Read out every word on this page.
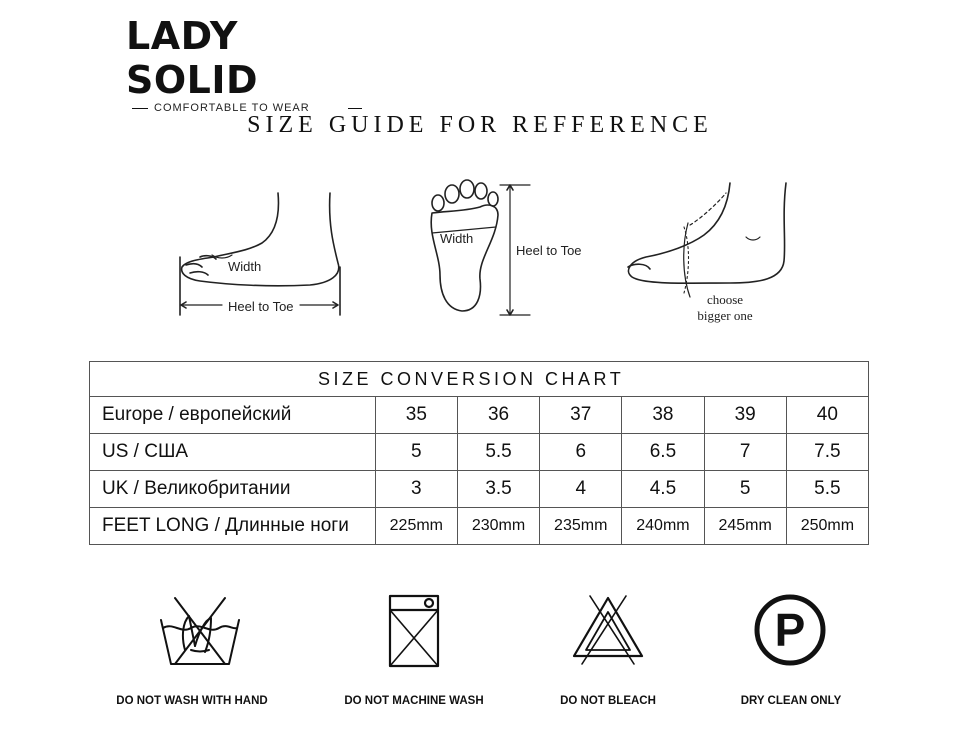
LADY SOLID
COMFORTABLE TO WEAR
SIZE GUIDE FOR REFFERENCE
Width
Heel to Toe
Width
Heel to Toe
choose
bigger one
SIZE CONVERSION CHART						
Europe / европейский	35	36	37	38	39	40
US / США	5	5.5	6	6.5	7	7.5
UK / Великобритании	3	3.5	4	4.5	5	5.5
FEET LONG / Длинные ноги	225mm	230mm	235mm	240mm	245mm	250mm
P
DO NOT WASH WITH HAND	DO NOT MACHINE WASH	DO NOT BLEACH	DRY CLEAN ONLY
